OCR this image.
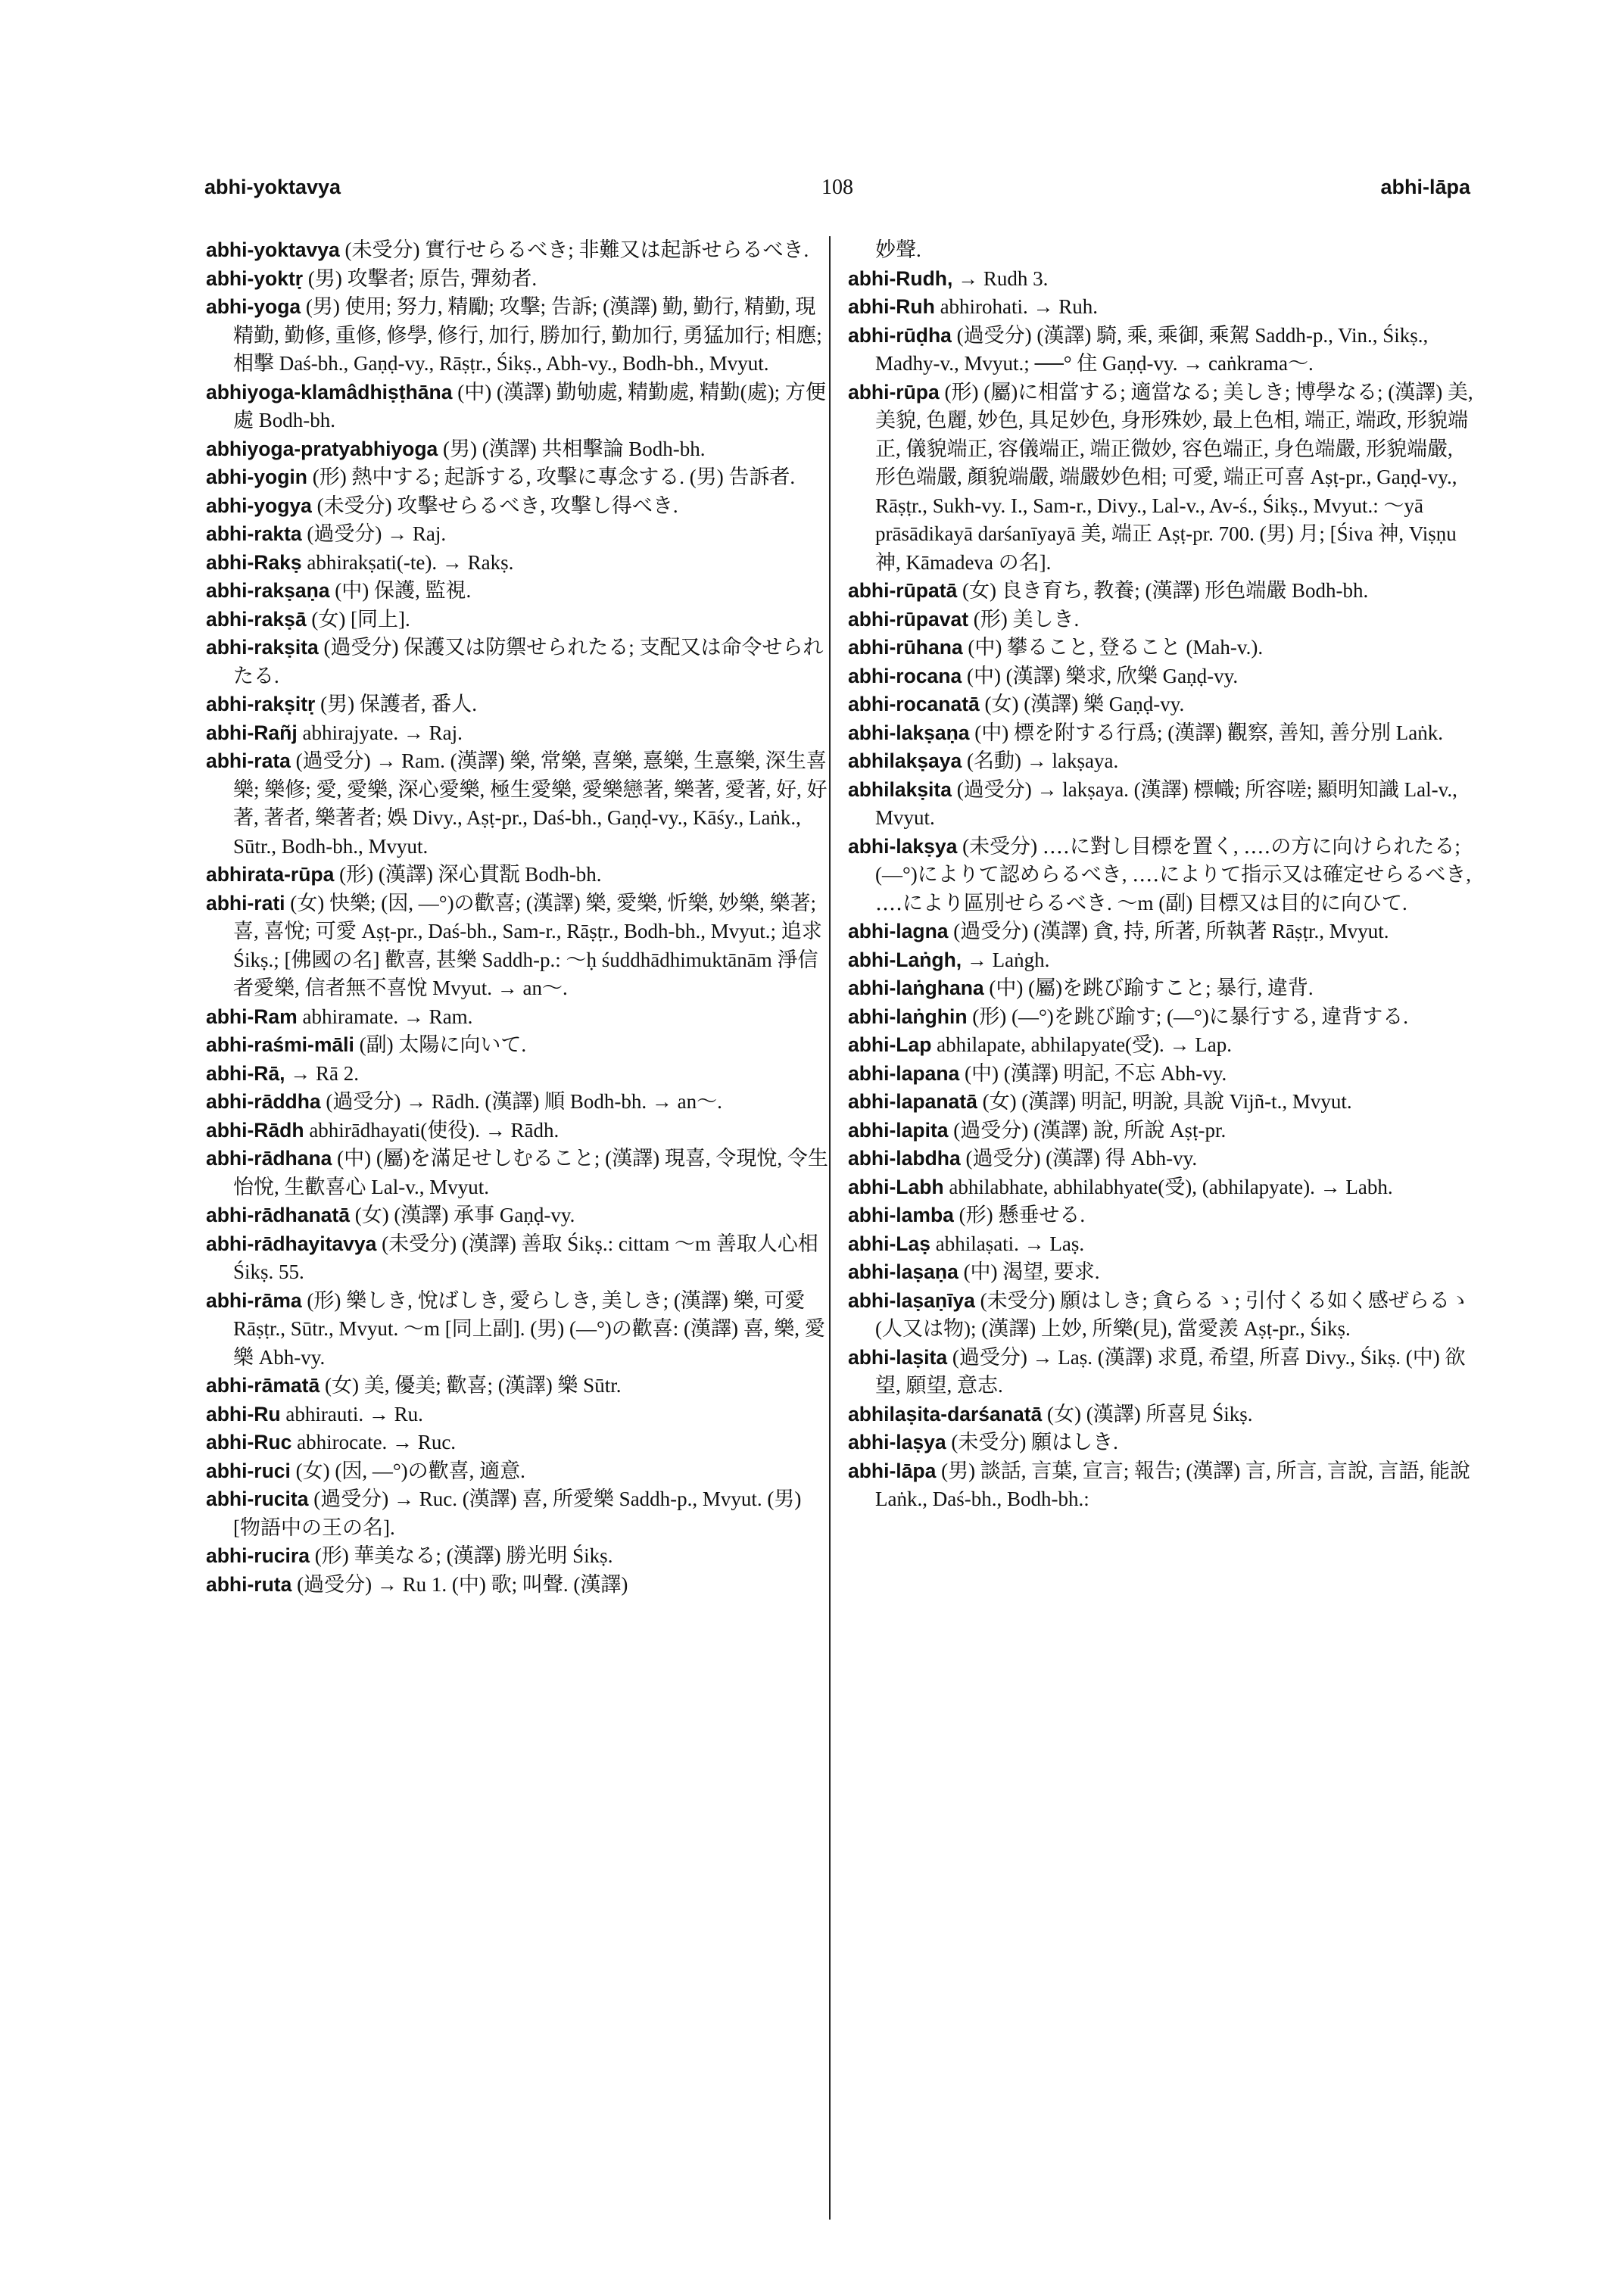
abhi-yoktavya	108	abhi-lāpa

abhi-yoktavya (未受分) 實行せらるべき; 非難又は起訴せらるべき.

abhi-yoktṛ (男) 攻擊者; 原告, 彈劾者.

abhi-yoga (男) 使用; 努力, 精勵; 攻擊; 告訴; (漢譯) 勤, 勤行, 精勤, 現精勤, 勤修, 重修, 修學, 修行, 加行, 勝加行, 勤加行, 勇猛加行; 相應; 相擊 Daś-bh., Gaṇḍ-vy., Rāṣṭr., Śikṣ., Abh-vy., Bodh-bh., Mvyut.

abhiyoga-klamâdhiṣṭhāna (中) (漢譯) 勤劬處, 精勤處, 精勤(處); 方便處 Bodh-bh.

abhiyoga-pratyabhiyoga (男) (漢譯) 共相擊論 Bodh-bh.

abhi-yogin (形) 熱中する; 起訴する, 攻擊に專念する. (男) 告訴者.

abhi-yogya (未受分) 攻擊せらるべき, 攻擊し得べき.

abhi-rakta (過受分) → Raj.

abhi-Rakṣ abhirakṣati(-te). → Rakṣ.

abhi-rakṣaṇa (中) 保護, 監視.

abhi-rakṣā (女) [同上].

abhi-rakṣita (過受分) 保護又は防禦せられたる; 支配又は命令せられたる.

abhi-rakṣitṛ (男) 保護者, 番人.

abhi-Rañj abhirajyate. → Raj.

abhi-rata (過受分) → Ram. (漢譯) 樂, 常樂, 喜樂, 憙樂, 生憙樂, 深生喜樂; 樂修; 愛, 愛樂, 深心愛樂, 極生愛樂, 愛樂戀著, 樂著, 愛著, 好, 好著, 著者, 樂著者; 娛 Divy., Aṣṭ-pr., Daś-bh., Gaṇḍ-vy., Kāśy., Laṅk., Sūtr., Bodh-bh., Mvyut.

abhirata-rūpa (形) (漢譯) 深心貫翫 Bodh-bh.

abhi-rati (女) 快樂; (因, —°)の歡喜; (漢譯) 樂, 愛樂, 忻樂, 妙樂, 樂著; 喜, 喜悅; 可愛 Aṣṭ-pr., Daś-bh., Sam-r., Rāṣṭr., Bodh-bh., Mvyut.; 追求 Śikṣ.; [佛國の名] 歡喜, 甚樂 Saddh-p.: ～ḥ śuddhādhimuktānām 淨信者愛樂, 信者無不喜悅 Mvyut. → an～.

abhi-Ram abhiramate. → Ram.

abhi-raśmi-māli (副) 太陽に向いて.

abhi-Rā, → Rā 2.

abhi-rāddha (過受分) → Rādh. (漢譯) 順 Bodh-bh. → an～.

abhi-Rādh abhirādhayati(使役). → Rādh.

abhi-rādhana (中) (屬)を滿足せしむること; (漢譯) 現喜, 令現悅, 令生怡悅, 生歡喜心 Lal-v., Mvyut.

abhi-rādhanatā (女) (漢譯) 承事 Gaṇḍ-vy.

abhi-rādhayitavya (未受分) (漢譯) 善取 Śikṣ.: cittam ～m 善取人心相 Śikṣ. 55.

abhi-rāma (形) 樂しき, 悅ばしき, 愛らしき, 美しき; (漢譯) 樂, 可愛 Rāṣṭr., Sūtr., Mvyut. ～m [同上副]. (男) (—°)の歡喜: (漢譯) 喜, 樂, 愛樂 Abh-vy.

abhi-rāmatā (女) 美, 優美; 歡喜; (漢譯) 樂 Sūtr.

abhi-Ru abhirauti. → Ru.

abhi-Ruc abhirocate. → Ruc.

abhi-ruci (女) (因, —°)の歡喜, 適意.

abhi-rucita (過受分) → Ruc. (漢譯) 喜, 所愛樂 Saddh-p., Mvyut. (男) [物語中の王の名].

abhi-rucira (形) 華美なる; (漢譯) 勝光明 Śikṣ.

abhi-ruta (過受分) → Ru 1. (中) 歌; 叫聲. (漢譯)

妙聲.

abhi-Rudh, → Rudh 3.

abhi-Ruh abhirohati. → Ruh.

abhi-rūḍha (過受分) (漢譯) 騎, 乘, 乘御, 乘駕 Saddh-p., Vin., Śikṣ., Madhy-v., Mvyut.; ──° 住 Gaṇḍ-vy. → caṅkrama～.

abhi-rūpa (形) (屬)に相當する; 適當なる; 美しき; 博學なる; (漢譯) 美, 美貌, 色麗, 妙色, 具足妙色, 身形殊妙, 最上色相, 端正, 端政, 形貌端正, 儀貌端正, 容儀端正, 端正微妙, 容色端正, 身色端嚴, 形貌端嚴, 形色端嚴, 顏貌端嚴, 端嚴妙色相; 可愛, 端正可喜 Aṣṭ-pr., Gaṇḍ-vy., Rāṣṭr., Sukh-vy. I., Sam-r., Divy., Lal-v., Av-ś., Śikṣ., Mvyut.: ～yā prāsādikayā darśanīyayā 美, 端正 Aṣṭ-pr. 700. (男) 月; [Śiva 神, Viṣṇu 神, Kāmadeva の名].

abhi-rūpatā (女) 良き育ち, 教養; (漢譯) 形色端嚴 Bodh-bh.

abhi-rūpavat (形) 美しき.

abhi-rūhana (中) 攀ること, 登ること (Mah-v.).

abhi-rocana (中) (漢譯) 樂求, 欣樂 Gaṇḍ-vy.

abhi-rocanatā (女) (漢譯) 樂 Gaṇḍ-vy.

abhi-lakṣaṇa (中) 標を附する行爲; (漢譯) 觀察, 善知, 善分別 Laṅk.

abhilakṣaya (名動) → lakṣaya.

abhilakṣita (過受分) → lakṣaya. (漢譯) 標幟; 所容嗟; 顯明知識 Lal-v., Mvyut.

abhi-lakṣya (未受分) ‥‥に對し目標を置く, ‥‥の方に向けられたる; (—°)によりて認めらるべき, ‥‥によりて指示又は確定せらるべき, ‥‥により區別せらるべき. ～m (副) 目標又は目的に向ひて.

abhi-lagna (過受分) (漢譯) 貪, 持, 所著, 所執著 Rāṣṭr., Mvyut.

abhi-Laṅgh, → Laṅgh.

abhi-laṅghana (中) (屬)を跳び踰すこと; 暴行, 違背.

abhi-laṅghin (形) (—°)を跳び踰す; (—°)に暴行する, 違背する.

abhi-Lap abhilapate, abhilapyate(受). → Lap.

abhi-lapana (中) (漢譯) 明記, 不忘 Abh-vy.

abhi-lapanatā (女) (漢譯) 明記, 明說, 具說 Vijñ-t., Mvyut.

abhi-lapita (過受分) (漢譯) 說, 所說 Aṣṭ-pr.

abhi-labdha (過受分) (漢譯) 得 Abh-vy.

abhi-Labh abhilabhate, abhilabhyate(受), (abhilapyate). → Labh.

abhi-lamba (形) 懸垂せる.

abhi-Laṣ abhilaṣati. → Laṣ.

abhi-laṣaṇa (中) 渴望, 要求.

abhi-laṣaṇīya (未受分) 願はしき; 貪らるゝ; 引付くる如く感ぜらるゝ(人又は物); (漢譯) 上妙, 所樂(見), 當愛羨 Aṣṭ-pr., Śikṣ.

abhi-laṣita (過受分) → Laṣ. (漢譯) 求覓, 希望, 所喜 Divy., Śikṣ. (中) 欲望, 願望, 意志.

abhilaṣita-darśanatā (女) (漢譯) 所喜見 Śikṣ.

abhi-laṣya (未受分) 願はしき.

abhi-lāpa (男) 談話, 言葉, 宣言; 報告; (漢譯) 言, 所言, 言說, 言語, 能說 Laṅk., Daś-bh., Bodh-bh.:
